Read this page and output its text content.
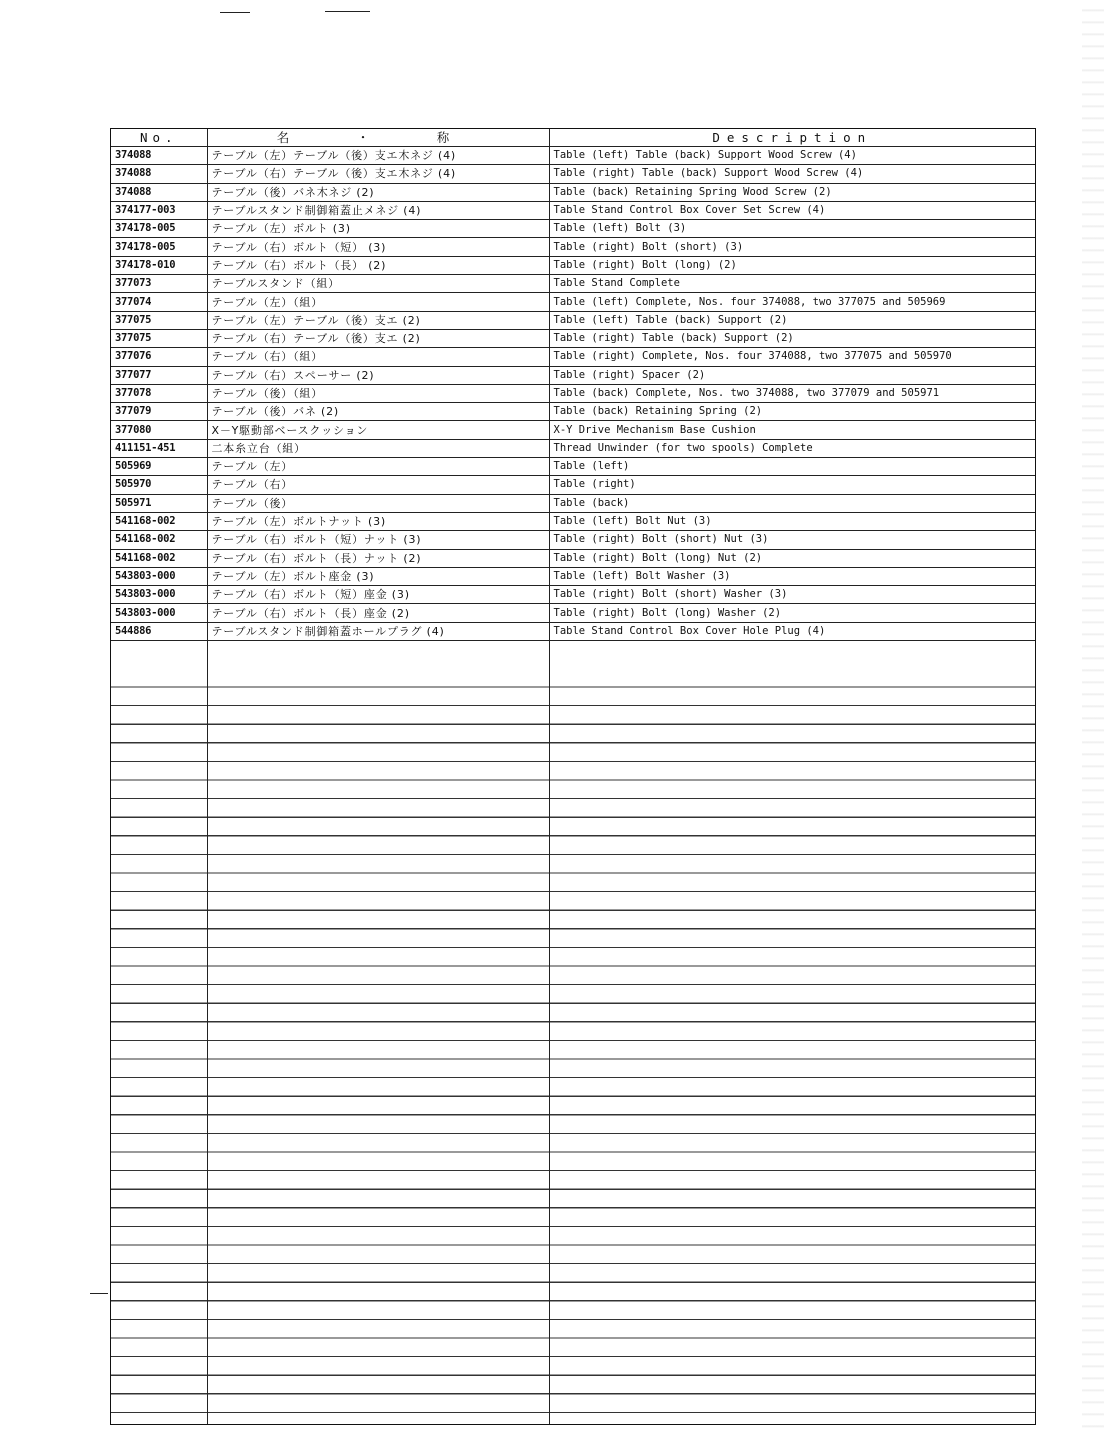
No.	名 ・ 称	Description
374088	テーブル（左）テーブル（後）支エ木ネジ (4)	Table (left) Table (back) Support Wood Screw (4)
374088	テーブル（右）テーブル（後）支エ木ネジ (4)	Table (right) Table (back) Support Wood Screw (4)
374088	テーブル（後）バネ木ネジ (2)	Table (back) Retaining Spring Wood Screw (2)
374177-003	テーブルスタンド制御箱蓋止メネジ (4)	Table Stand Control Box Cover Set Screw (4)
374178-005	テーブル（左）ボルト (3)	Table (left) Bolt (3)
374178-005	テーブル（右）ボルト（短） (3)	Table (right) Bolt (short) (3)
374178-010	テーブル（右）ボルト（長） (2)	Table (right) Bolt (long) (2)
377073	テーブルスタンド（組）	Table Stand Complete
377074	テーブル（左）（組）	Table (left) Complete, Nos. four 374088, two 377075 and 505969
377075	テーブル（左）テーブル（後）支エ (2)	Table (left) Table (back) Support (2)
377075	テーブル（右）テーブル（後）支エ (2)	Table (right) Table (back) Support (2)
377076	テーブル（右）（組）	Table (right) Complete, Nos. four 374088, two 377075 and 505970
377077	テーブル（右）スペーサー (2)	Table (right) Spacer (2)
377078	テーブル（後）（組）	Table (back) Complete, Nos. two 374088, two 377079 and 505971
377079	テーブル（後）バネ (2)	Table (back) Retaining Spring (2)
377080	X－Y駆動部ベースクッション	X-Y Drive Mechanism Base Cushion
411151-451	二本糸立台（組）	Thread Unwinder (for two spools) Complete
505969	テーブル（左）	Table (left)
505970	テーブル（右）	Table (right)
505971	テーブル（後）	Table (back)
541168-002	テーブル（左）ボルトナット (3)	Table (left) Bolt Nut (3)
541168-002	テーブル（右）ボルト（短）ナット (3)	Table (right) Bolt (short) Nut (3)
541168-002	テーブル（右）ボルト（長）ナット (2)	Table (right) Bolt (long) Nut (2)
543803-000	テーブル（左）ボルト座金 (3)	Table (left) Bolt Washer (3)
543803-000	テーブル（右）ボルト（短）座金 (3)	Table (right) Bolt (short) Washer (3)
543803-000	テーブル（右）ボルト（長）座金 (2)	Table (right) Bolt (long) Washer (2)
544886	テーブルスタンド制御箱蓋ホールプラグ (4)	Table Stand Control Box Cover Hole Plug (4)
